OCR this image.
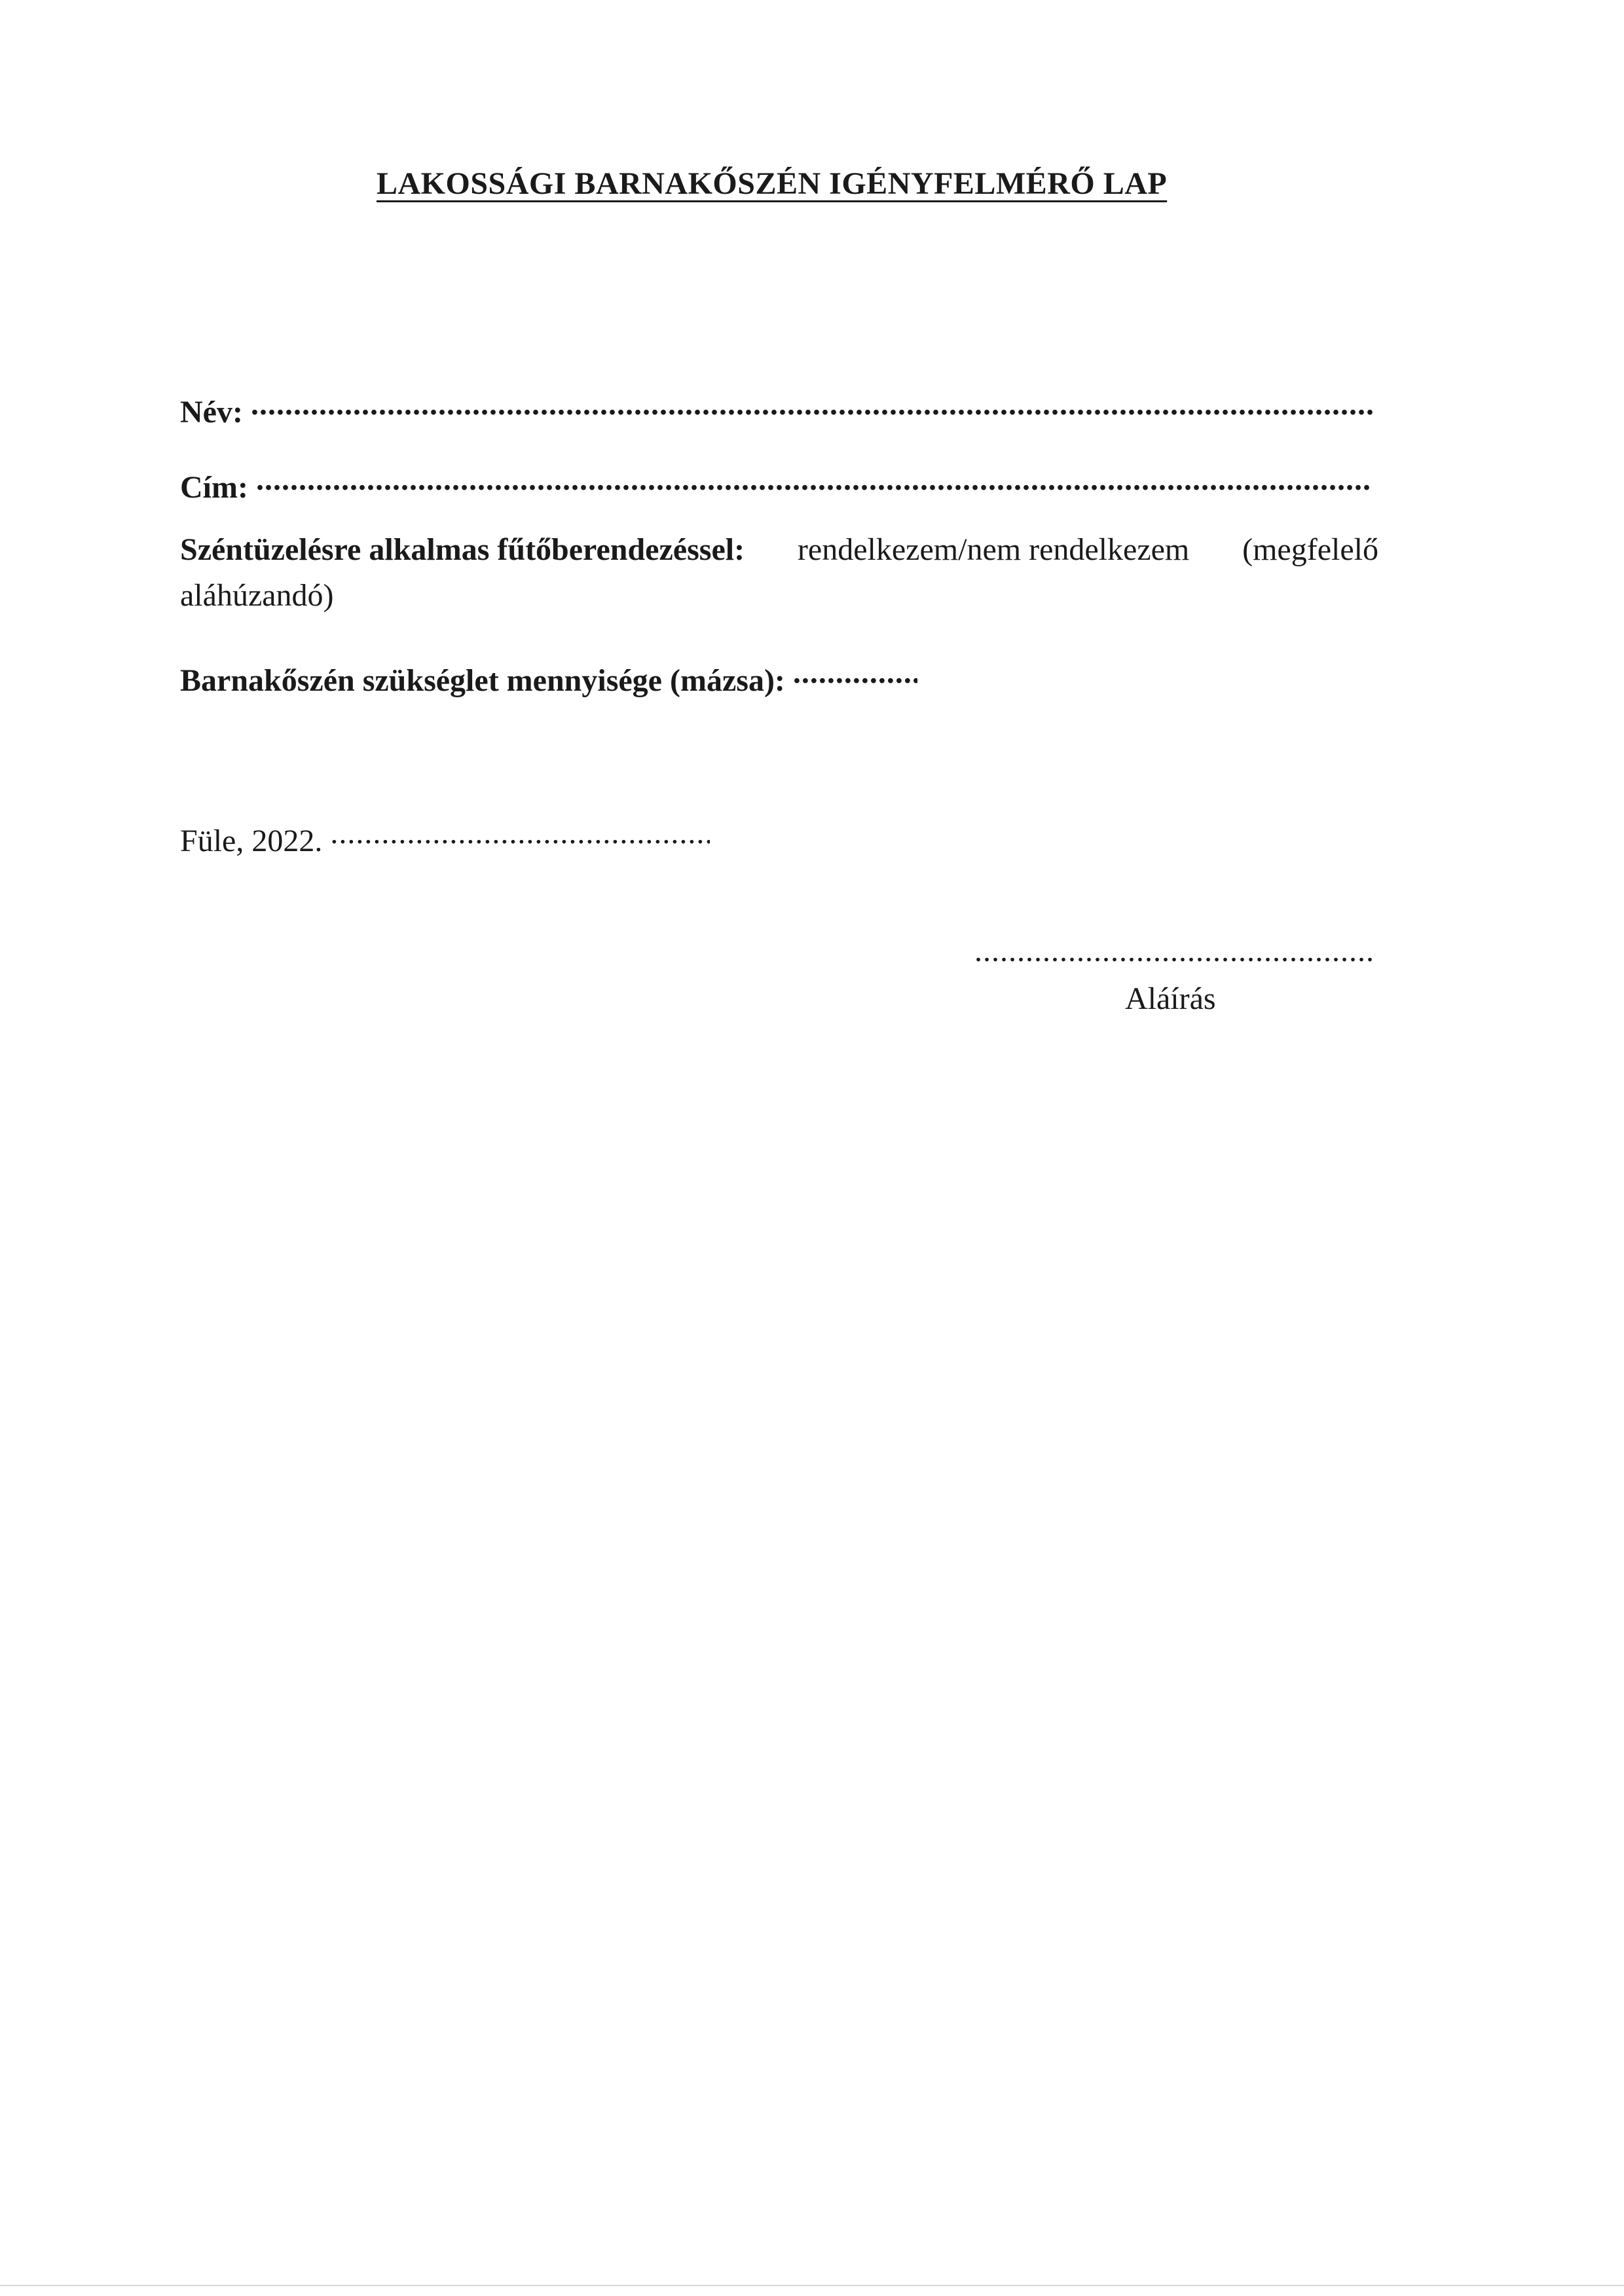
LAKOSSÁGI BARNAKŐSZÉN IGÉNYFELMÉRŐ LAP
Név: .....
Cím: .....
Széntüzelésre alkalmas fűtőberendezéssel: rendelkezem/nem rendelkezem (megfelelő
aláhúzandó)
Barnakőszén szükséglet mennyisége (mázsa): .....
Füle, 2022. .....
.....
Aláírás
